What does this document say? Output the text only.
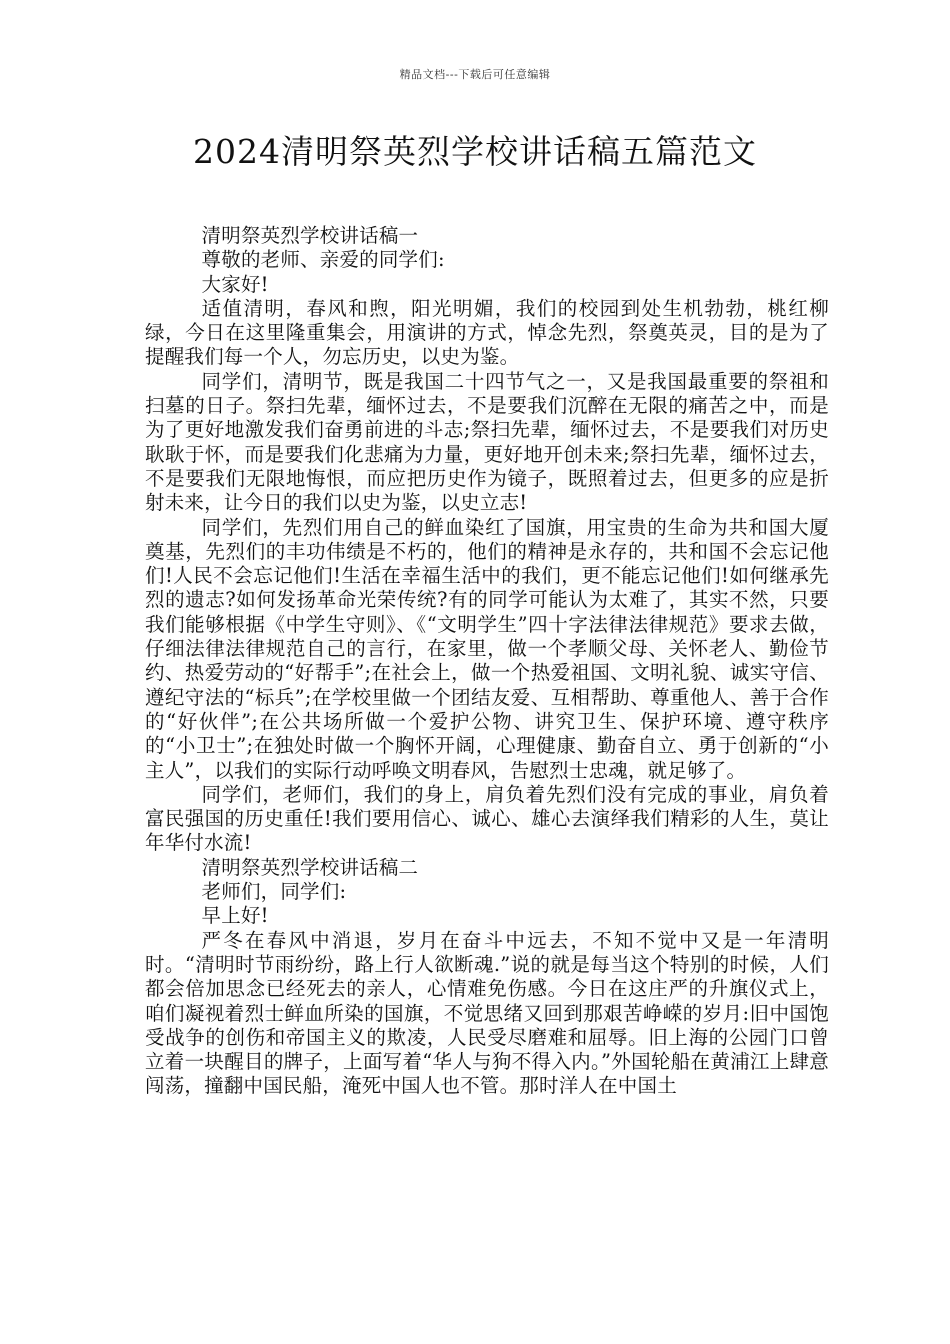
精品文档---下载后可任意编辑
2024清明祭英烈学校讲话稿五篇范文

清明祭英烈学校讲话稿一

尊敬的老师、亲爱的同学们:

大家好!

适值清明，春风和煦，阳光明媚，我们的校园到处生机勃勃，桃红柳绿，今日在这里隆重集会，用演讲的方式，悼念先烈，祭奠英灵，目的是为了提醒我们每一个人，勿忘历史，以史为鉴。

同学们，清明节，既是我国二十四节气之一，又是我国最重要的祭祖和扫墓的日子。祭扫先辈，缅怀过去，不是要我们沉醉在无限的痛苦之中，而是为了更好地激发我们奋勇前进的斗志;祭扫先辈，缅怀过去，不是要我们对历史耿耿于怀，而是要我们化悲痛为力量，更好地开创未来;祭扫先辈，缅怀过去，不是要我们无限地悔恨，而应把历史作为镜子，既照着过去，但更多的应是折射未来，让今日的我们以史为鉴，以史立志!

同学们，先烈们用自己的鲜血染红了国旗，用宝贵的生命为共和国大厦奠基，先烈们的丰功伟绩是不朽的，他们的精神是永存的，共和国不会忘记他们!人民不会忘记他们!生活在幸福生活中的我们，更不能忘记他们!如何继承先烈的遗志?如何发扬革命光荣传统?有的同学可能认为太难了，其实不然，只要我们能够根据《中学生守则》、《“文明学生”四十字法律法律规范》要求去做，仔细法律法律规范自己的言行，在家里，做一个孝顺父母、关怀老人、勤俭节约、热爱劳动的“好帮手”;在社会上，做一个热爱祖国、文明礼貌、诚实守信、遵纪守法的“标兵”;在学校里做一个团结友爱、互相帮助、尊重他人、善于合作的“好伙伴”;在公共场所做一个爱护公物、讲究卫生、保护环境、遵守秩序的“小卫士”;在独处时做一个胸怀开阔，心理健康、勤奋自立、勇于创新的“小主人”，以我们的实际行动呼唤文明春风，告慰烈士忠魂，就足够了。

同学们，老师们，我们的身上，肩负着先烈们没有完成的事业，肩负着富民强国的历史重任!我们要用信心、诚心、雄心去演绎我们精彩的人生，莫让年华付水流!

清明祭英烈学校讲话稿二

老师们，同学们:

早上好!

严冬在春风中消退，岁月在奋斗中远去，不知不觉中又是一年清明时。“清明时节雨纷纷，路上行人欲断魂.”说的就是每当这个特别的时候，人们都会倍加思念已经死去的亲人，心情难免伤感。今日在这庄严的升旗仪式上，咱们凝视着烈士鲜血所染的国旗，不觉思绪又回到那艰苦峥嵘的岁月:旧中国饱受战争的创伤和帝国主义的欺凌，人民受尽磨难和屈辱。旧上海的公园门口曾立着一块醒目的牌子，上面写着“华人与狗不得入内。”外国轮船在黄浦江上肆意闯荡，撞翻中国民船，淹死中国人也不管。那时洋人在中国土
